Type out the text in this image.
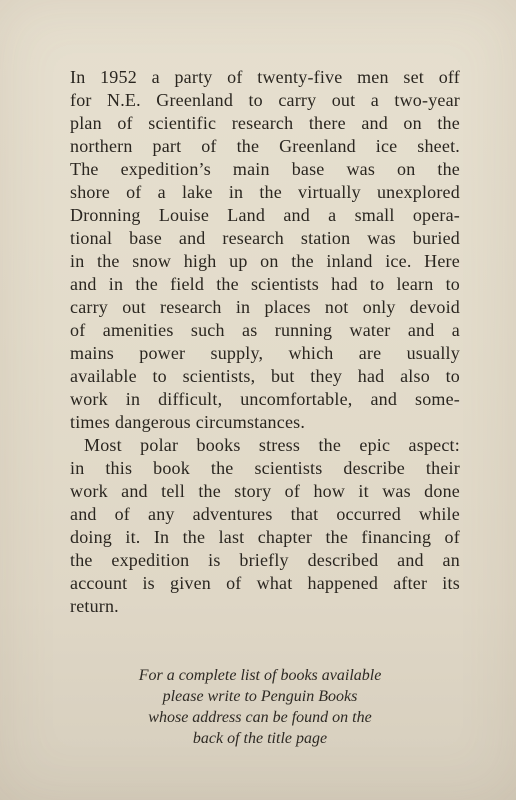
In 1952 a party of twenty-five men set off
for N.E. Greenland to carry out a two-year
plan of scientific research there and on the
northern part of the Greenland ice sheet.
The expedition’s main base was on the
shore of a lake in the virtually unexplored
Dronning Louise Land and a small opera-
tional base and research station was buried
in the snow high up on the inland ice. Here
and in the field the scientists had to learn to
carry out research in places not only devoid
of amenities such as running water and a
mains power supply, which are usually
available to scientists, but they had also to
work in difficult, uncomfortable, and some-
times dangerous circumstances.
Most polar books stress the epic aspect:
in this book the scientists describe their
work and tell the story of how it was done
and of any adventures that occurred while
doing it. In the last chapter the financing of
the expedition is briefly described and an
account is given of what happened after its
return.
For a complete list of books available
please write to Penguin Books
whose address can be found on the
back of the title page
